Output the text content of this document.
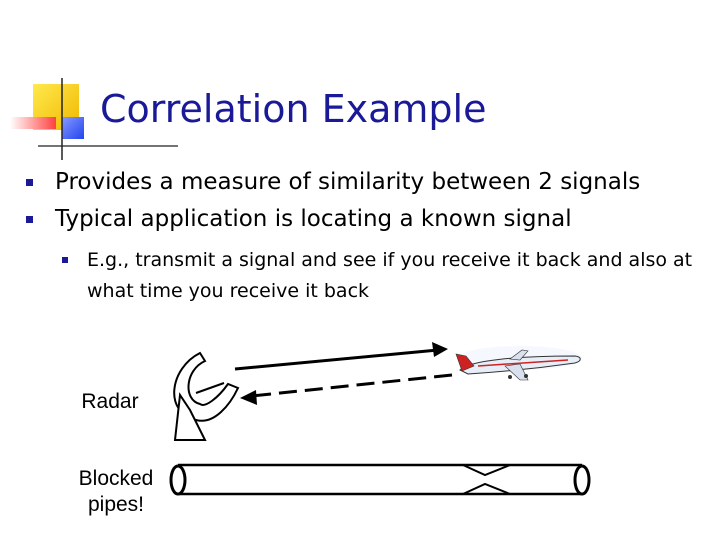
Correlation Example
Provides a measure of similarity between 2 signals
Typical application is locating a known signal
E.g., transmit a signal and see if you receive it back and also at what time you receive it back
Radar
Blocked pipes!
